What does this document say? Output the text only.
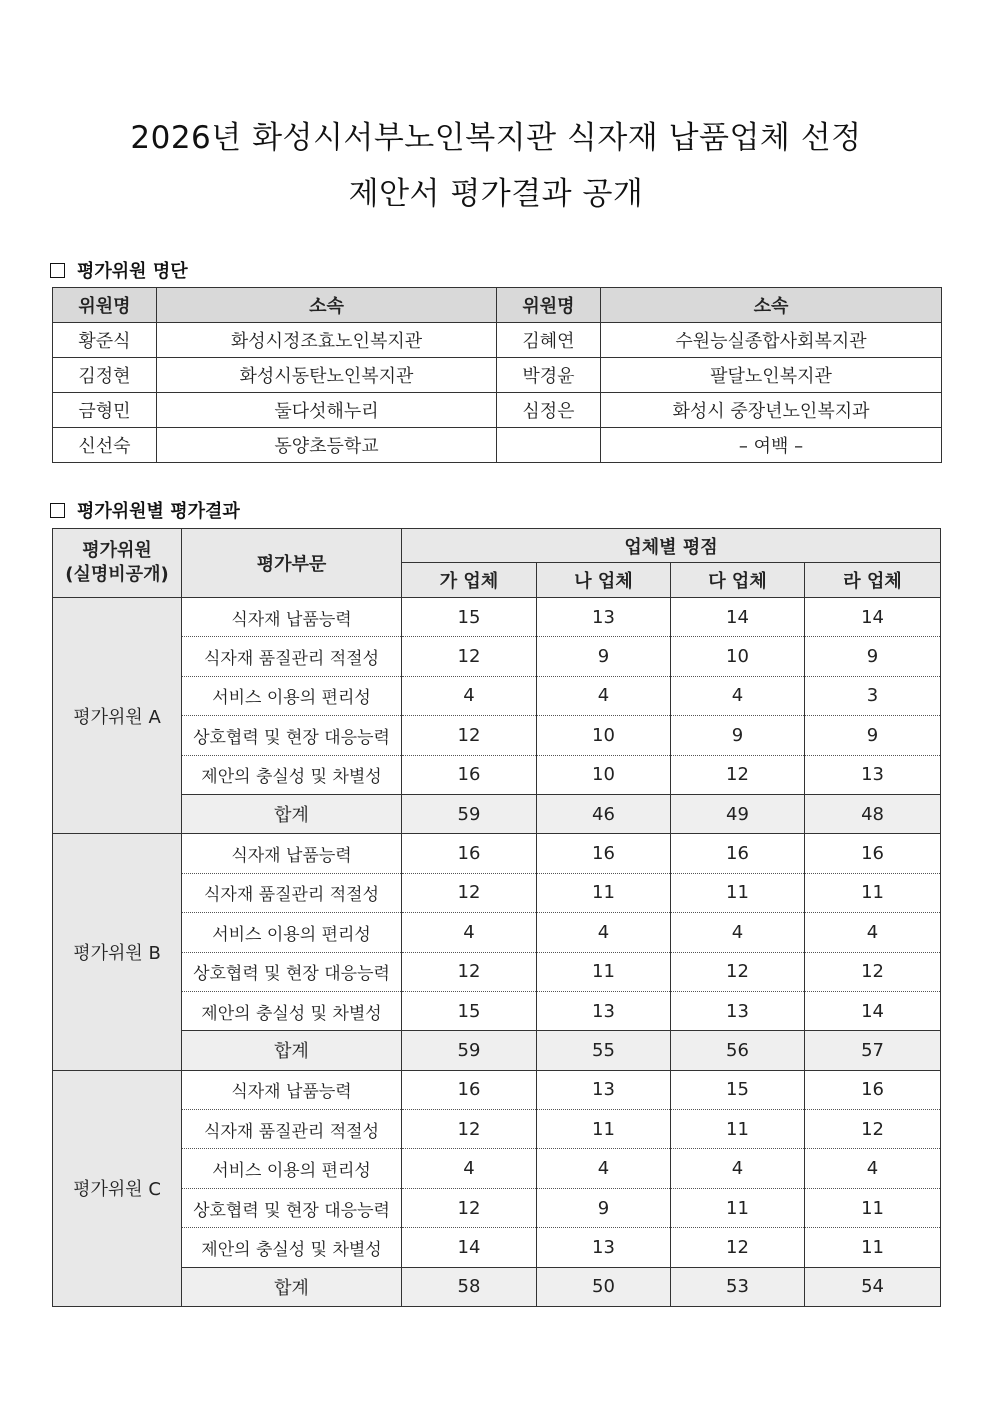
2026년 화성시서부노인복지관 식자재 납품업체 선정
제안서 평가결과 공개
평가위원 명단
위원명	소속	위원명	소속
황준식	화성시정조효노인복지관	김혜연	수원능실종합사회복지관
김정현	화성시동탄노인복지관	박경윤	팔달노인복지관
금형민	둘다섯해누리	심정은	화성시 중장년노인복지과
신선숙	동양초등학교		– 여백 –
평가위원별 평가결과
평가위원
(실명비공개)	평가부문	업체별 평점			
		가 업체	나 업체	다 업체	라 업체
평가위원 A	식자재 납품능력	15	13	14	14
	식자재 품질관리 적절성	12	9	10	9
	서비스 이용의 편리성	4	4	4	3
	상호협력 및 현장 대응능력	12	10	9	9
	제안의 충실성 및 차별성	16	10	12	13
	합계	59	46	49	48
평가위원 B	식자재 납품능력	16	16	16	16
	식자재 품질관리 적절성	12	11	11	11
	서비스 이용의 편리성	4	4	4	4
	상호협력 및 현장 대응능력	12	11	12	12
	제안의 충실성 및 차별성	15	13	13	14
	합계	59	55	56	57
평가위원 C	식자재 납품능력	16	13	15	16
	식자재 품질관리 적절성	12	11	11	12
	서비스 이용의 편리성	4	4	4	4
	상호협력 및 현장 대응능력	12	9	11	11
	제안의 충실성 및 차별성	14	13	12	11
	합계	58	50	53	54
